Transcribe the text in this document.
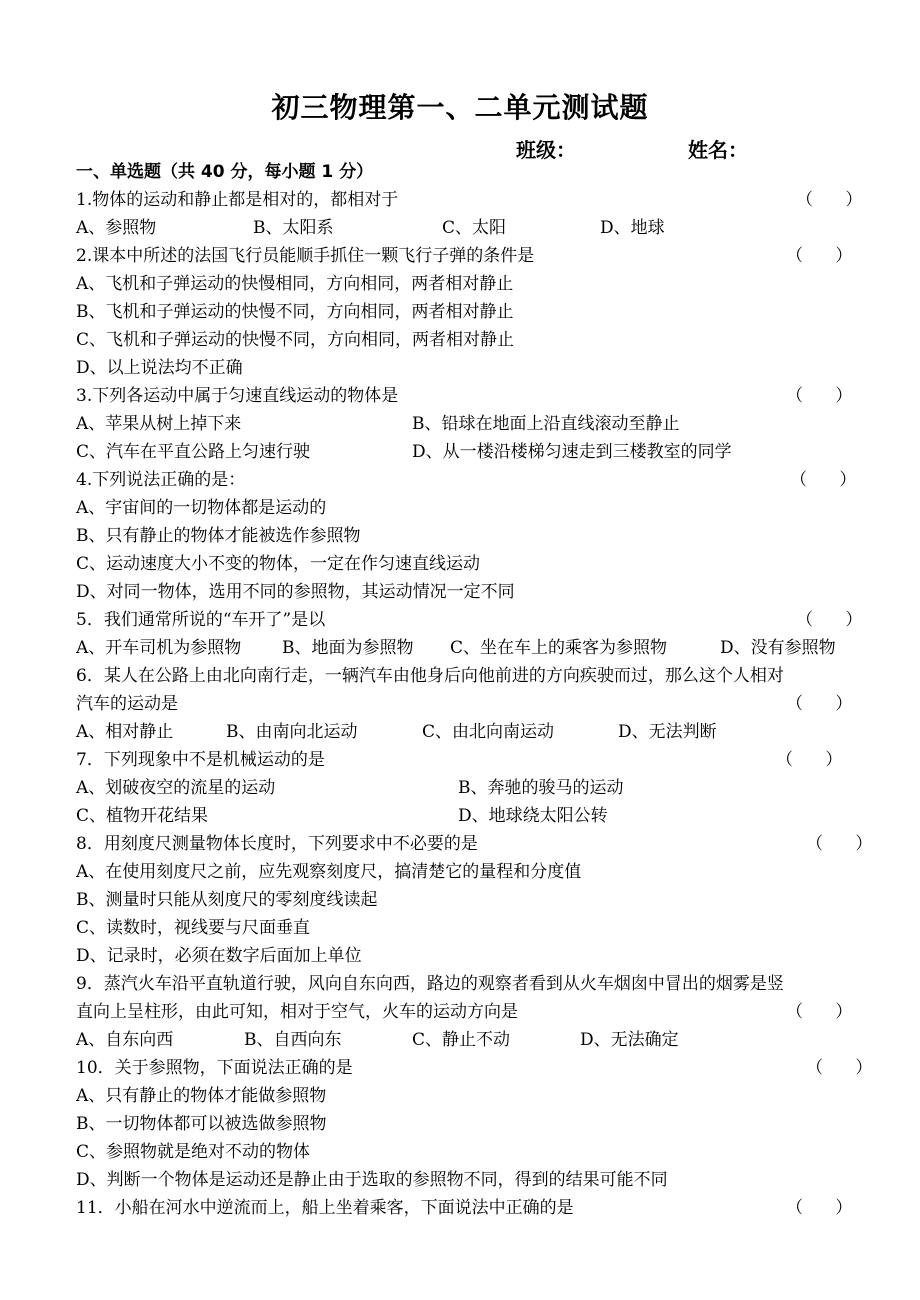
初三物理第一、二单元测试题
班级：	姓名：
一、单选题（共 40 分，每小题 1 分）
1.物体的运动和静止都是相对的，都相对于	（      ）
A、参照物	B、太阳系	C、太阳	D、地球
2.课本中所述的法国飞行员能顺手抓住一颗飞行子弹的条件是	（      ）
A、飞机和子弹运动的快慢相同，方向相同，两者相对静止
B、飞机和子弹运动的快慢不同，方向相同，两者相对静止
C、飞机和子弹运动的快慢不同，方向相同，两者相对静止
D、以上说法均不正确
3.下列各运动中属于匀速直线运动的物体是	（      ）
A、苹果从树上掉下来	B、铅球在地面上沿直线滚动至静止
C、汽车在平直公路上匀速行驶	D、从一楼沿楼梯匀速走到三楼教室的同学
4.下列说法正确的是：	（      ）
A、宇宙间的一切物体都是运动的
B、只有静止的物体才能被选作参照物
C、运动速度大小不变的物体，一定在作匀速直线运动
D、对同一物体，选用不同的参照物，其运动情况一定不同
5．我们通常所说的“车开了”是以	（      ）
A、开车司机为参照物 B、地面为参照物 C、坐在车上的乘客为参照物	D、没有参照物
6．某人在公路上由北向南行走，一辆汽车由他身后向他前进的方向疾驶而过，那么这个人相对
汽车的运动是	（      ）
A、相对静止	B、由南向北运动	C、由北向南运动	D、无法判断
7．下列现象中不是机械运动的是	（      ）
A、划破夜空的流星的运动	B、奔驰的骏马的运动
C、植物开花结果	D、地球绕太阳公转
8．用刻度尺测量物体长度时，下列要求中不必要的是	（      ）
A、在使用刻度尺之前，应先观察刻度尺，搞清楚它的量程和分度值
B、测量时只能从刻度尺的零刻度线读起
C、读数时，视线要与尺面垂直
D、记录时，必须在数字后面加上单位
9．蒸汽火车沿平直轨道行驶，风向自东向西，路边的观察者看到从火车烟囱中冒出的烟雾是竖
直向上呈柱形，由此可知，相对于空气，火车的运动方向是	（      ）
A、自东向西	B、自西向东	C、静止不动	D、无法确定
10．关于参照物，下面说法正确的是	（      ）
A、只有静止的物体才能做参照物
B、一切物体都可以被选做参照物
C、参照物就是绝对不动的物体
D、判断一个物体是运动还是静止由于选取的参照物不同，得到的结果可能不同
11．小船在河水中逆流而上，船上坐着乘客，下面说法中正确的是	（      ）
